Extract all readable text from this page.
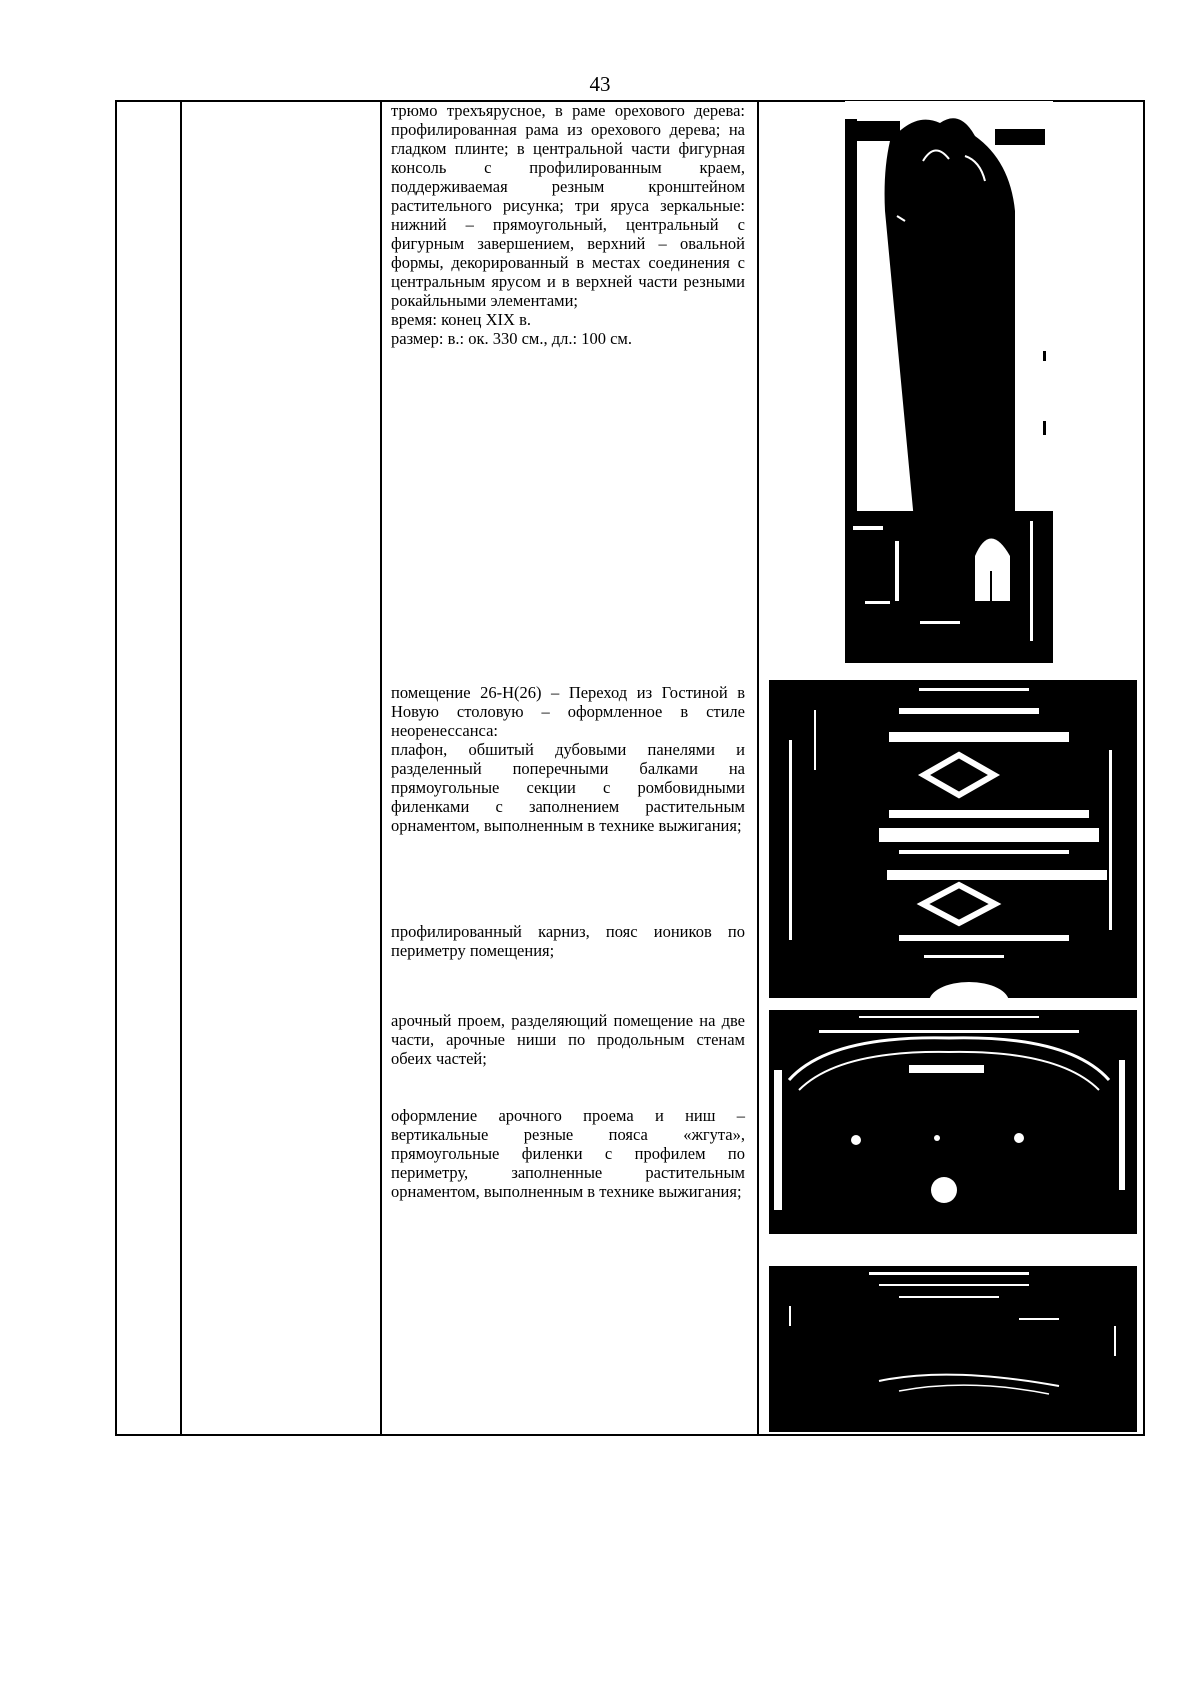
43

трюмо трехъярусное, в раме орехового дерева: профилированная рама из орехового дерева; на гладком плинте; в центральной части фигурная консоль с профилированным краем, поддерживаемая резным кронштейном растительного рисунка; три яруса зеркальные: нижний – прямоугольный, центральный с фигурным завершением, верхний – овальной формы, декорированный в местах соединения с центральным ярусом и в верхней части резными рокайльными элементами;

время: конец XIX в.

размер: в.: ок. 330 см., дл.: 100 см.

помещение 26-Н(26) – Переход из Гостиной в Новую столовую – оформленное в стиле неоренессанса:

плафон, обшитый дубовыми панелями и разделенный поперечными балками на прямоугольные секции с ромбовидными филенками с заполнением растительным орнаментом, выполненным в технике выжигания;

профилированный карниз, пояс иоников по периметру помещения;

арочный проем, разделяющий помещение на две части, арочные ниши по продольным стенам обеих частей;

оформление арочного проема и ниш – вертикальные резные пояса «жгута», прямоугольные филенки с профилем по периметру, заполненные растительным орнаментом, выполненным в технике выжигания;
